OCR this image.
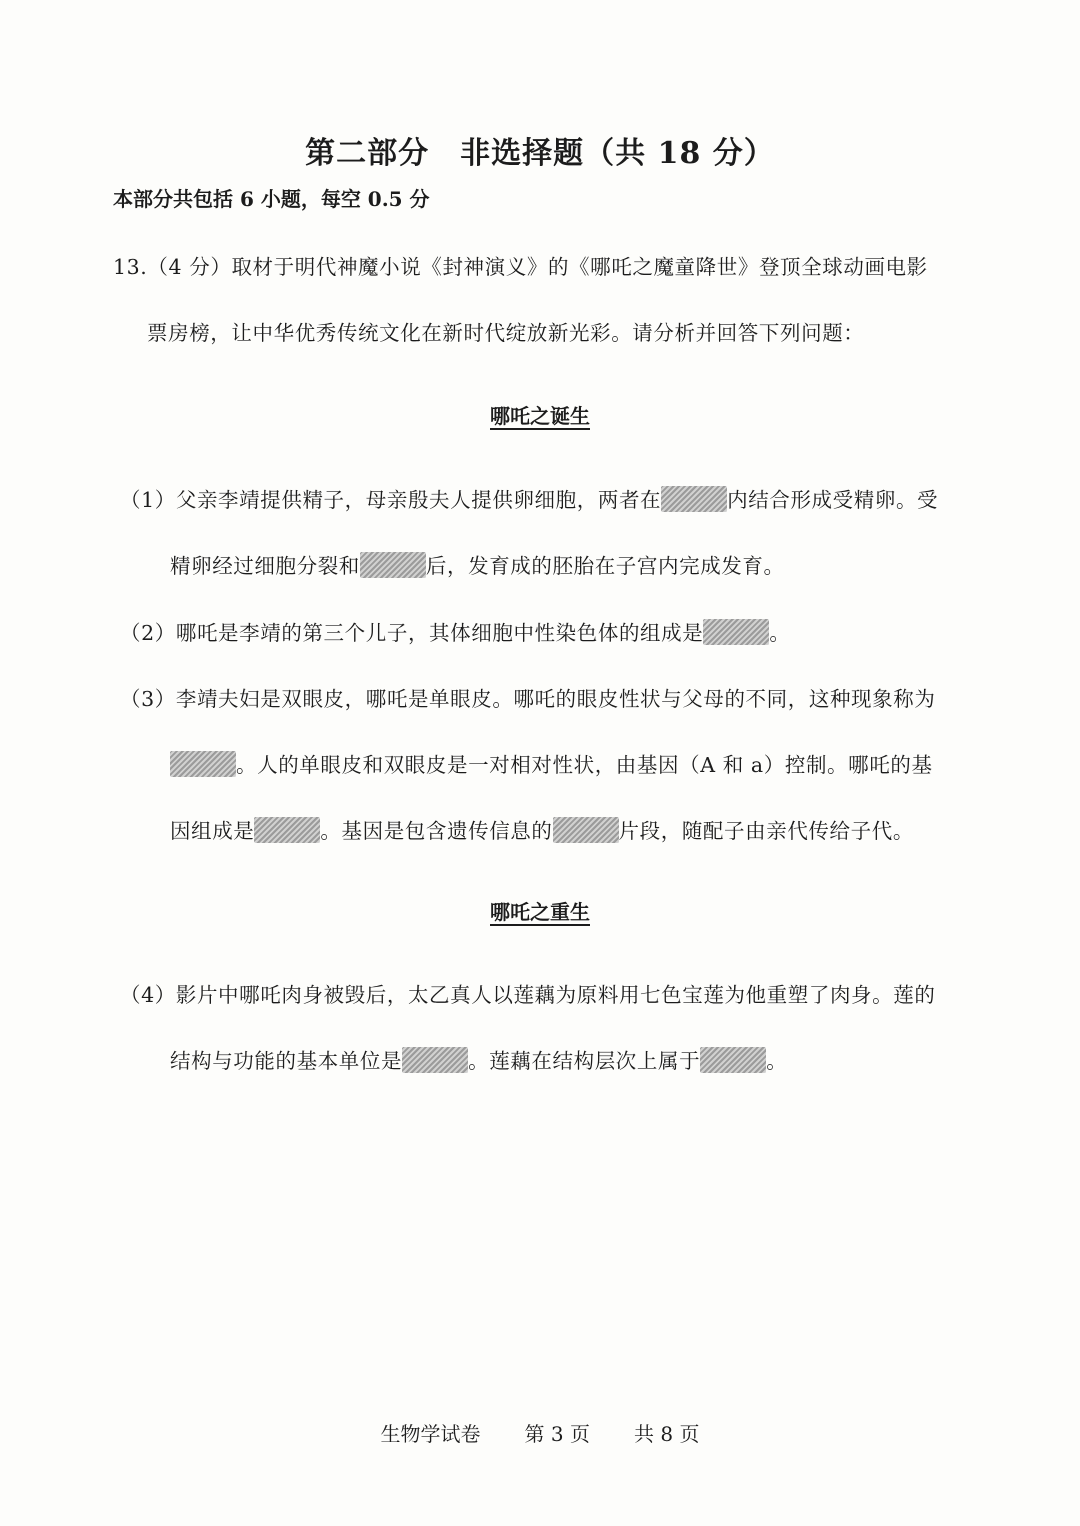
第二部分　非选择题（共 18 分）
本部分共包括 6 小题，每空 0.5 分
13.（4 分）取材于明代神魔小说《封神演义》的《哪吒之魔童降世》登顶全球动画电影
票房榜，让中华优秀传统文化在新时代绽放新光彩。请分析并回答下列问题：
哪吒之诞生
（1）父亲李靖提供精子，母亲殷夫人提供卵细胞，两者在	内结合形成受精卵。受
精卵经过细胞分裂和	后，发育成的胚胎在子宫内完成发育。
（2）哪吒是李靖的第三个儿子，其体细胞中性染色体的组成是	。
（3）李靖夫妇是双眼皮，哪吒是单眼皮。哪吒的眼皮性状与父母的不同，这种现象称为
。人的单眼皮和双眼皮是一对相对性状，由基因（A 和 a）控制。哪吒的基
因组成是	。基因是包含遗传信息的	片段，随配子由亲代传给子代。
哪吒之重生
（4）影片中哪吒肉身被毁后，太乙真人以莲藕为原料用七色宝莲为他重塑了肉身。莲的
结构与功能的基本单位是	。莲藕在结构层次上属于	。
生物学试卷 第 3 页 共 8 页
